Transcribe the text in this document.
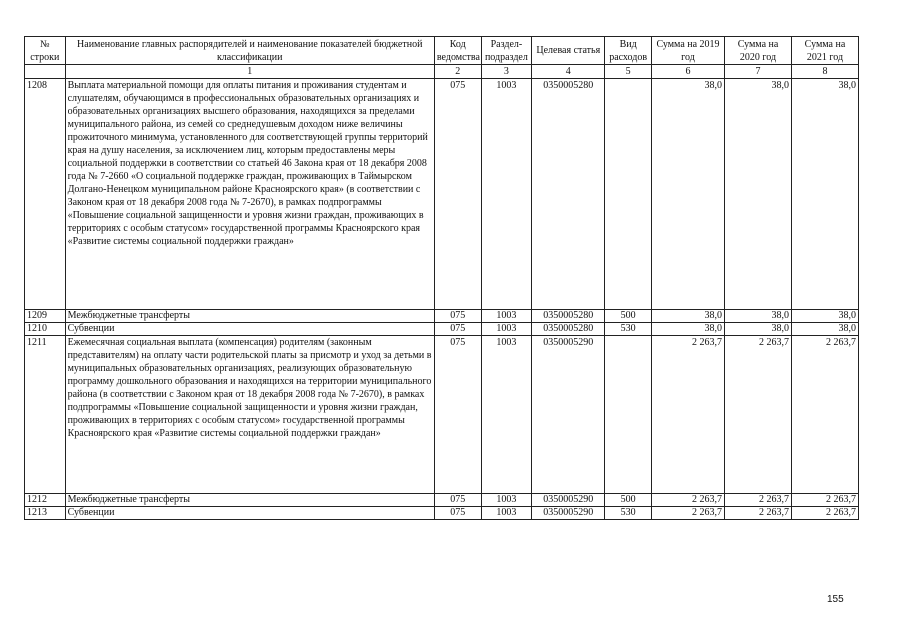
№ строки	Наименование главных распорядителей и наименование показателей бюджетной классификации	Код ведомства	Раздел-подраздел	Целевая статья	Вид расходов	Сумма на 2019 год	Сумма на 2020 год	Сумма на 2021 год
	1	2	3	4	5	6	7	8
1208	Выплата материальной помощи для оплаты питания и проживания студентам и слушателям, обучающимся в профессиональных образовательных организациях и образовательных организациях высшего образования, находящихся за пределами муниципального района, из семей со среднедушевым доходом ниже величины прожиточного минимума, установленного для соответствующей группы территорий края на душу населения, за исключением лиц, которым предоставлены меры социальной поддержки в соответствии со статьей 46 Закона края от 18 декабря 2008 года № 7-2660 «О социальной поддержке граждан, проживающих в Таймырском Долгано-Ненецком муниципальном районе Красноярского края» (в соответствии с Законом края от 18 декабря 2008 года № 7-2670), в рамках подпрограммы «Повышение социальной защищенности и уровня жизни граждан, проживающих в территориях с особым статусом» государственной программы Красноярского края «Развитие системы социальной поддержки граждан»	075	1003	0350005280		38,0	38,0	38,0
1209	Межбюджетные трансферты	075	1003	0350005280	500	38,0	38,0	38,0
1210	Субвенции	075	1003	0350005280	530	38,0	38,0	38,0
1211	Ежемесячная социальная выплата (компенсация) родителям (законным представителям) на оплату части родительской платы за присмотр и уход за детьми в муниципальных образовательных организациях, реализующих образовательную программу дошкольного образования и находящихся на территории муниципального района (в соответствии с Законом края от 18 декабря 2008 года № 7-2670), в рамках подпрограммы «Повышение социальной защищенности и уровня жизни граждан, проживающих в территориях с особым статусом» государственной программы Красноярского края «Развитие системы социальной поддержки граждан»	075	1003	0350005290		2 263,7	2 263,7	2 263,7
1212	Межбюджетные трансферты	075	1003	0350005290	500	2 263,7	2 263,7	2 263,7
1213	Субвенции	075	1003	0350005290	530	2 263,7	2 263,7	2 263,7
155
